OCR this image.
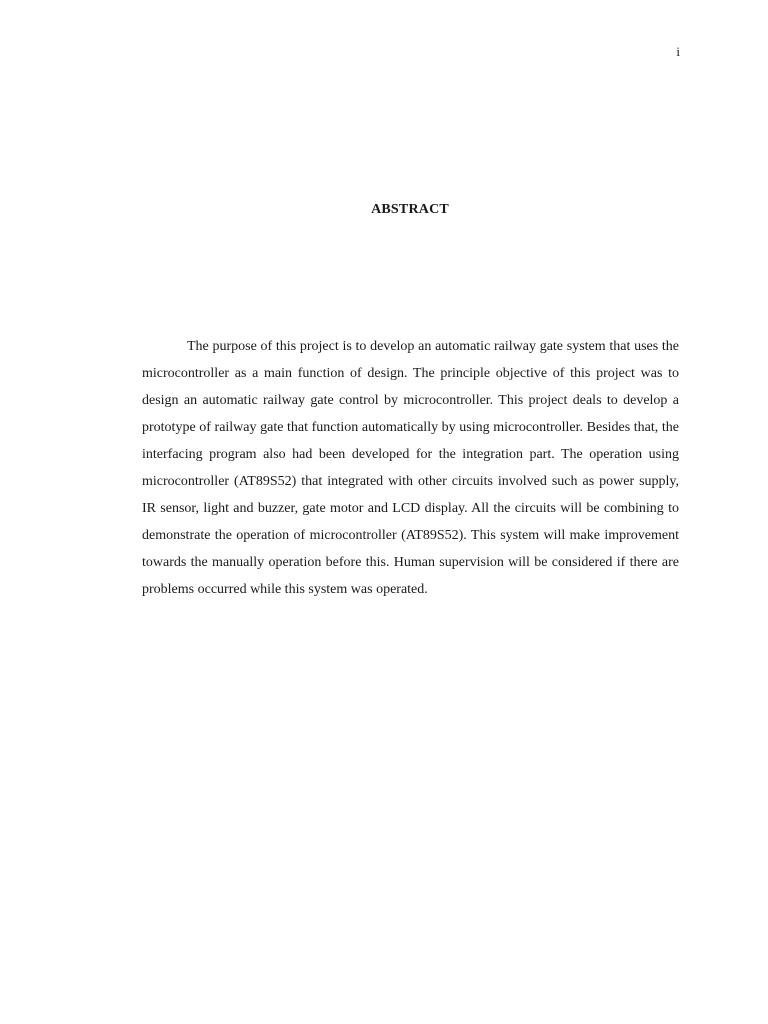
i
ABSTRACT

The purpose of this project is to develop an automatic railway gate system that uses the microcontroller as a main function of design. The principle objective of this project was to design an automatic railway gate control by microcontroller. This project deals to develop a prototype of railway gate that function automatically by using microcontroller. Besides that, the interfacing program also had been developed for the integration part. The operation using microcontroller (AT89S52) that integrated with other circuits involved such as power supply, IR sensor, light and buzzer, gate motor and LCD display. All the circuits will be combining to demonstrate the operation of microcontroller (AT89S52). This system will make improvement towards the manually operation before this. Human supervision will be considered if there are problems occurred while this system was operated.
